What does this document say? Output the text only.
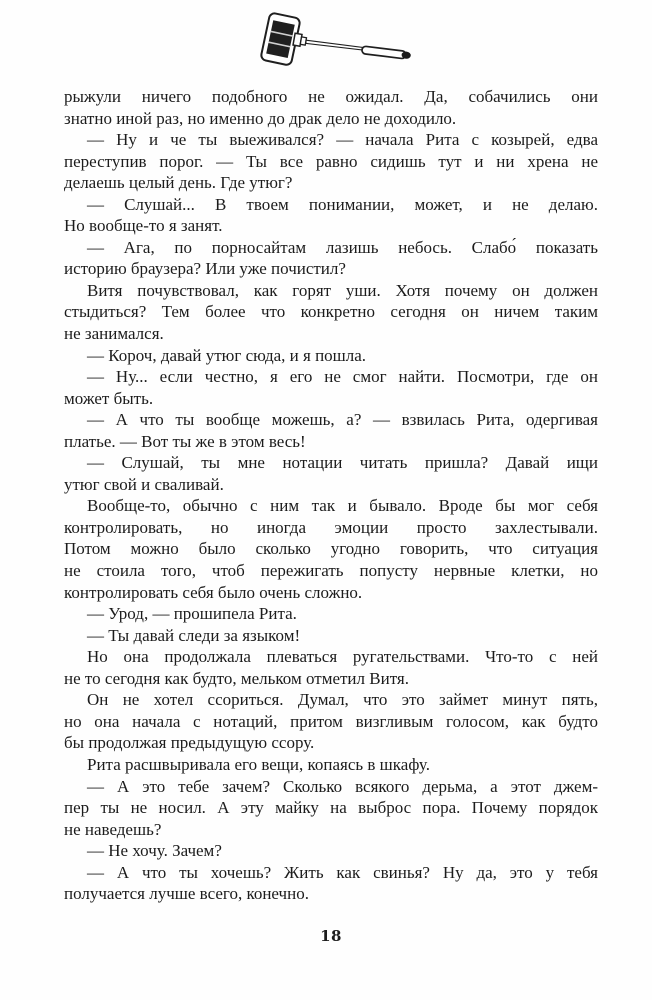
рыжули ничего подобного не ожидал. Да, собачились они
знатно иной раз, но именно до драк дело не доходило.
— Ну и че ты выеживался? — начала Рита с козырей, едва
переступив порог. — Ты все равно сидишь тут и ни хрена не
делаешь целый день. Где утюг?
— Слушай... В твоем понимании, может, и не делаю.
Но вообще-то я занят.
— Ага, по порносайтам лазишь небось. Слабо́ показать
историю браузера? Или уже почистил?
Витя почувствовал, как горят уши. Хотя почему он должен
стыдиться? Тем более что конкретно сегодня он ничем таким
не занимался.
— Короч, давай утюг сюда, и я пошла.
— Ну... если честно, я его не смог найти. Посмотри, где он
может быть.
— А что ты вообще можешь, а? — взвилась Рита, одергивая
платье. — Вот ты же в этом весь!
— Слушай, ты мне нотации читать пришла? Давай ищи
утюг свой и сваливай.
Вообще-то, обычно с ним так и бывало. Вроде бы мог себя
контролировать, но иногда эмоции просто захлестывали.
Потом можно было сколько угодно говорить, что ситуация
не стоила того, чтоб пережигать попусту нервные клетки, но
контролировать себя было очень сложно.
— Урод, — прошипела Рита.
— Ты давай следи за языком!
Но она продолжала плеваться ругательствами. Что-то с ней
не то сегодня как будто, мельком отметил Витя.
Он не хотел ссориться. Думал, что это займет минут пять,
но она начала с нотаций, притом визгливым голосом, как будто
бы продолжая предыдущую ссору.
Рита расшвыривала его вещи, копаясь в шкафу.
— А это тебе зачем? Сколько всякого дерьма, а этот джем-
пер ты не носил. А эту майку на выброс пора. Почему порядок
не наведешь?
— Не хочу. Зачем?
— А что ты хочешь? Жить как свинья? Ну да, это у тебя
получается лучше всего, конечно.
18
